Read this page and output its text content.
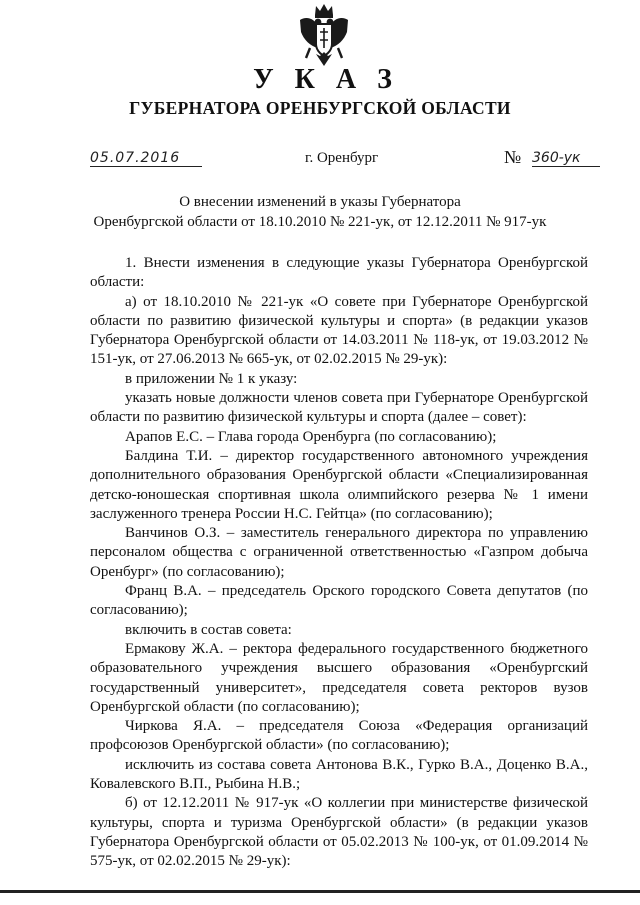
У К А З
ГУБЕРНАТОРА ОРЕНБУРГСКОЙ ОБЛАСТИ
05.07.2016	г. Оренбург	№ 360-ук
О внесении изменений в указы Губернатора
Оренбургской области от 18.10.2010 № 221-ук, от 12.12.2011 № 917-ук

1. Внести изменения в следующие указы Губернатора Оренбургской области:

а) от 18.10.2010 № 221-ук «О совете при Губернаторе Оренбургской области по развитию физической культуры и спорта» (в редакции указов Губернатора Оренбургской области от 14.03.2011 № 118-ук, от 19.03.2012 № 151-ук, от 27.06.2013 № 665-ук, от 02.02.2015 № 29-ук):

в приложении № 1 к указу:

указать новые должности членов совета при Губернаторе Оренбургской области по развитию физической культуры и спорта (далее – совет):

Арапов Е.С. – Глава города Оренбурга (по согласованию);

Балдина Т.И. – директор государственного автономного учреждения дополнительного образования Оренбургской области «Специализированная детско-юношеская спортивная школа олимпийского резерва № 1 имени заслуженного тренера России Н.С. Гейтца» (по согласованию);

Ванчинов О.З. – заместитель генерального директора по управлению персоналом общества с ограниченной ответственностью «Газпром добыча Оренбург» (по согласованию);

Франц В.А. – председатель Орского городского Совета депутатов (по согласованию);

включить в состав совета:

Ермакову Ж.А. – ректора федерального государственного бюджетного образовательного учреждения высшего образования «Оренбургский государственный университет», председателя совета ректоров вузов Оренбургской области (по согласованию);

Чиркова Я.А. – председателя Союза «Федерация организаций профсоюзов Оренбургской области» (по согласованию);

исключить из состава совета Антонова В.К., Гурко В.А., Доценко В.А., Ковалевского В.П., Рыбина Н.В.;

б) от 12.12.2011 № 917-ук «О коллегии при министерстве физической культуры, спорта и туризма Оренбургской области» (в редакции указов Губернатора Оренбургской области от 05.02.2013 № 100-ук, от 01.09.2014 № 575-ук, от 02.02.2015 № 29-ук):
